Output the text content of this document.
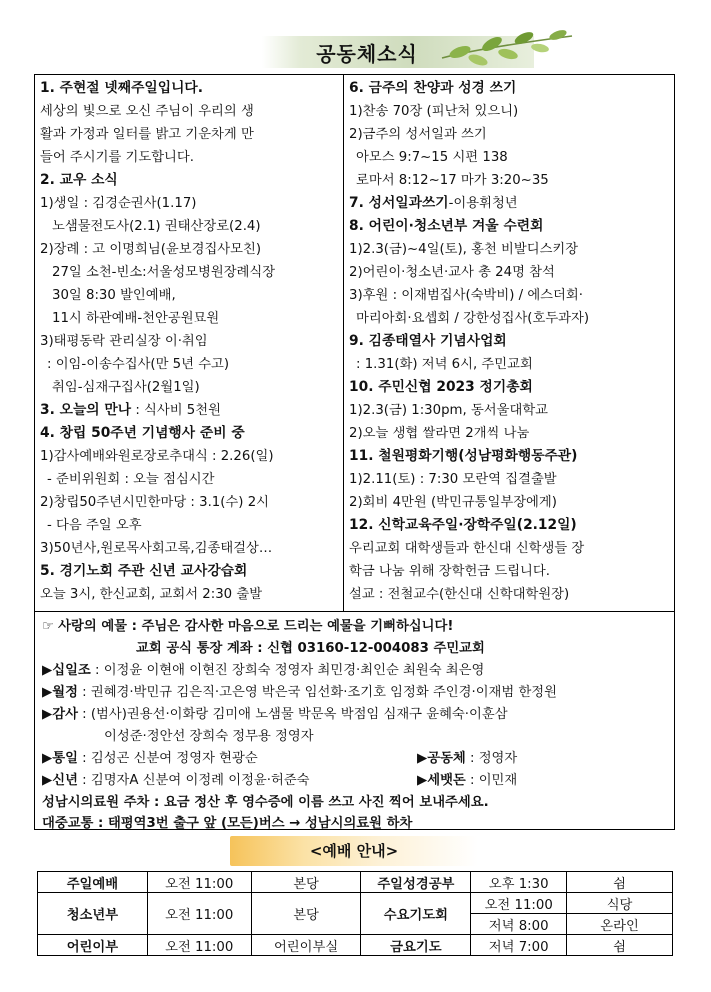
공동체소식
1. 주현절 넷째주일입니다.
세상의 빛으로 오신 주님이 우리의 생
활과 가정과 일터를 밝고 기운차게 만
들어 주시기를 기도합니다.
2. 교우 소식
1)생일 : 김경순권사(1.17)
노샘물전도사(2.1) 권태산장로(2.4)
2)장례 : 고 이명희님(윤보경집사모친)
27일 소천-빈소:서울성모병원장례식장
30일 8:30 발인예배,
11시 하관예배-천안공원묘원
3)태평동락 관리실장 이·취임
: 이임-이송수집사(만 5년 수고)
취임-심재구집사(2월1일)
3. 오늘의 만나 : 식사비 5천원
4. 창립 50주년 기념행사 준비 중
1)감사예배와원로장로추대식 : 2.26(일)
- 준비위원회 : 오늘 점심시간
2)창립50주년시민한마당 : 3.1(수) 2시
- 다음 주일 오후
3)50년사,원로목사회고록,김종태걸상…
5. 경기노회 주관 신년 교사강습회
오늘 3시, 한신교회, 교회서 2:30 출발
6. 금주의 찬양과 성경 쓰기
1)찬송 70장 (피난처 있으니)
2)금주의 성서일과 쓰기
아모스 9:7~15 시편 138
로마서 8:12~17 마가 3:20~35
7. 성서일과쓰기-이용휘청년
8. 어린이·청소년부 겨울 수련회
1)2.3(금)~4일(토), 홍천 비발디스키장
2)어린이·청소년·교사 총 24명 참석
3)후원 : 이재범집사(숙박비) / 에스더회·
마리아회·요셉회 / 강한성집사(호두과자)
9. 김종태열사 기념사업회
: 1.31(화) 저녁 6시, 주민교회
10. 주민신협 2023 정기총회
1)2.3(금) 1:30pm, 동서울대학교
2)오늘 생협 쌀라면 2개씩 나눔
11. 철원평화기행(성남평화행동주관)
1)2.11(토) : 7:30 모란역 집결출발
2)회비 4만원 (박민규통일부장에게)
12. 신학교육주일·장학주일(2.12일)
우리교회 대학생들과 한신대 신학생들 장
학금 나눔 위해 장학헌금 드립니다.
설교 : 전철교수(한신대 신학대학원장)
☞ 사랑의 예물 : 주님은 감사한 마음으로 드리는 예물을 기뻐하십니다!
교회 공식 통장 계좌 : 신협 03160-12-004083 주민교회
▶십일조 : 이정윤 이현애 이현진 장희숙 정영자 최민경·최인순 최원숙 최은영
▶월정 : 권혜경·박민규 김은직·고은영 박은국 임선화·조기호 임정화 주인경·이재범 한정원
▶감사 : (범사)권용선·이화랑 김미애 노샘물 박문옥 박점임 심재구 윤혜숙·이훈삼
이성준·정안선 장희숙 정무용 정영자
▶통일 : 김성곤 신분여 정영자 현광순	▶공동체 : 정영자
▶신년 : 김명자A 신분여 이정례 이정윤·허준숙	▶세뱃돈 : 이민재
성남시의료원 주차 : 요금 정산 후 영수증에 이름 쓰고 사진 찍어 보내주세요.
대중교통 : 태평역3번 출구 앞 (모든)버스 → 성남시의료원 하차
<예배 안내>
주일예배	오전 11:00	본당	주일성경공부	오후 1:30	쉼
청소년부	오전 11:00	본당	수요기도회	오전 11:00	식당
				저녁 8:00	온라인
어린이부	오전 11:00	어린이부실	금요기도	저녁 7:00	쉼
